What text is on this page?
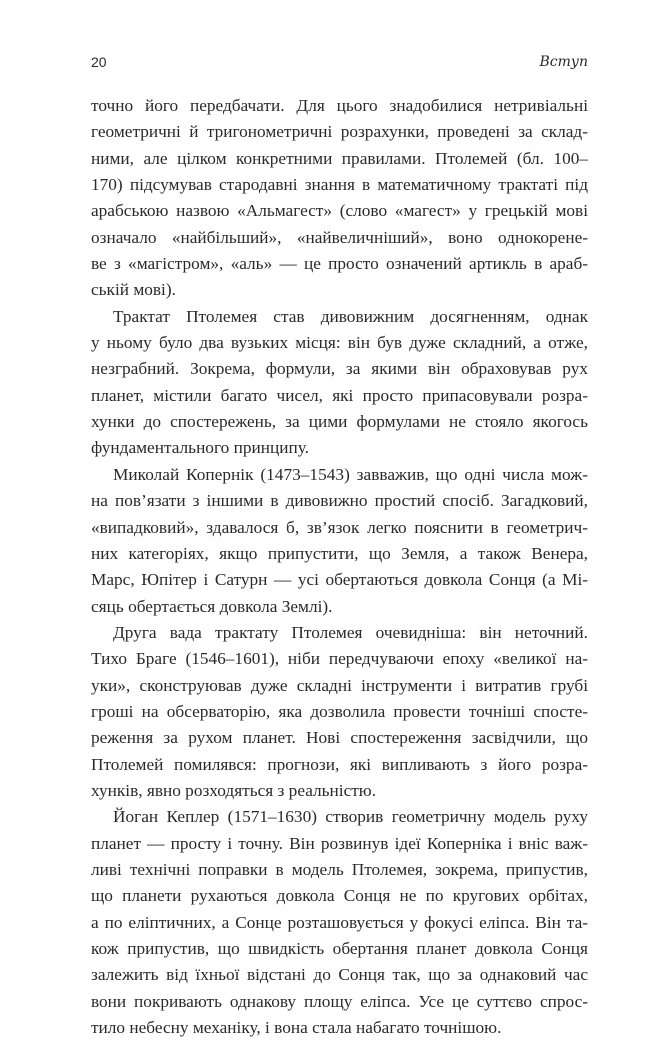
20	Вступ
точно його передбачати. Для цього знадобилися нетривіальні
геометричні й тригонометричні розрахунки, проведені за склад-
ними, але цілком конкретними правилами. Птолемей (бл. 100–
170) підсумував стародавні знання в математичному трактаті під
арабською назвою «Альмагест» (слово «магест» у грецькій мові
означало «найбільший», «найвеличніший», воно однокорене-
ве з «магістром», «аль» — це просто означений артикль в араб-
ській мові).
Трактат Птолемея став дивовижним досягненням, однак
у ньому було два вузьких місця: він був дуже складний, а отже,
незграбний. Зокрема, формули, за якими він обраховував рух
планет, містили багато чисел, які просто припасовували розра-
хунки до спостережень, за цими формулами не стояло якогось
фундаментального принципу.
Миколай Копернік (1473–1543) завважив, що одні числа мож-
на пов’язати з іншими в дивовижно простий спосіб. Загадковий,
«випадковий», здавалося б, зв’язок легко пояснити в геометрич-
них категоріях, якщо припустити, що Земля, а також Венера,
Марс, Юпітер і Сатурн — усі обертаються довкола Сонця (а Мі-
сяць обертається довкола Землі).
Друга вада трактату Птолемея очевидніша: він неточний.
Тихо Браге (1546–1601), ніби передчуваючи епоху «великої на-
уки», сконструював дуже складні інструменти і витратив грубі
гроші на обсерваторію, яка дозволила провести точніші спосте-
реження за рухом планет. Нові спостереження засвідчили, що
Птолемей помилявся: прогнози, які випливають з його розра-
хунків, явно розходяться з реальністю.
Йоган Кеплер (1571–1630) створив геометричну модель руху
планет — просту і точну. Він розвинув ідеї Коперніка і вніс важ-
ливі технічні поправки в модель Птолемея, зокрема, припустив,
що планети рухаються довкола Сонця не по кругових орбітах,
а по еліптичних, а Сонце розташовується у фокусі еліпса. Він та-
кож припустив, що швидкість обертання планет довкола Сонця
залежить від їхньої відстані до Сонця так, що за однаковий час
вони покривають однакову площу еліпса. Усе це суттєво спрос-
тило небесну механіку, і вона стала набагато точнішою.
